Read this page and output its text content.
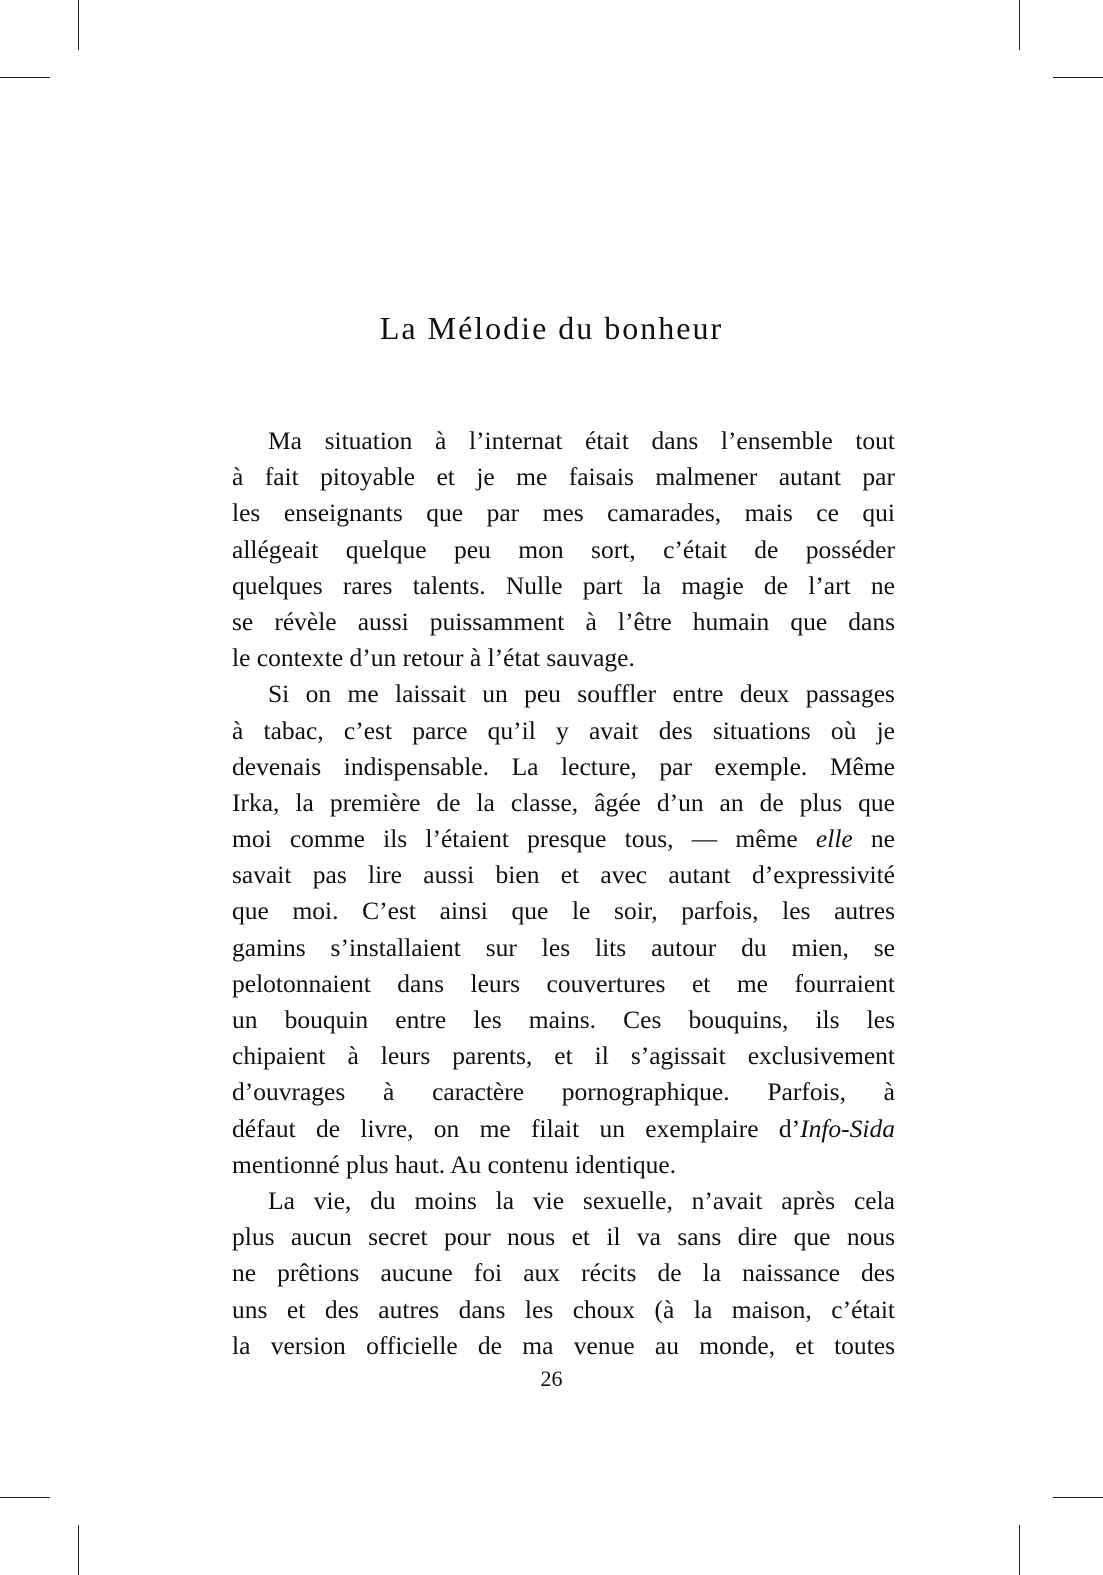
La Mélodie du bonheur
Ma situation à l’internat était dans l’ensemble tout
à fait pitoyable et je me faisais malmener autant par
les enseignants que par mes camarades, mais ce qui
allégeait quelque peu mon sort, c’était de posséder
quelques rares talents. Nulle part la magie de l’art ne
se révèle aussi puissamment à l’être humain que dans
le contexte d’un retour à l’état sauvage.
Si on me laissait un peu souffler entre deux passages
à tabac, c’est parce qu’il y avait des situations où je
devenais indispensable. La lecture, par exemple. Même
Irka, la première de la classe, âgée d’un an de plus que
moi comme ils l’étaient presque tous, — même elle ne
savait pas lire aussi bien et avec autant d’expressivité
que moi. C’est ainsi que le soir, parfois, les autres
gamins s’installaient sur les lits autour du mien, se
pelotonnaient dans leurs couvertures et me fourraient
un bouquin entre les mains. Ces bouquins, ils les
chipaient à leurs parents, et il s’agissait exclusivement
d’ouvrages à caractère pornographique. Parfois, à
défaut de livre, on me filait un exemplaire d’Info-Sida
mentionné plus haut. Au contenu identique.
La vie, du moins la vie sexuelle, n’avait après cela
plus aucun secret pour nous et il va sans dire que nous
ne prêtions aucune foi aux récits de la naissance des
uns et des autres dans les choux (à la maison, c’était
la version officielle de ma venue au monde, et toutes
26
